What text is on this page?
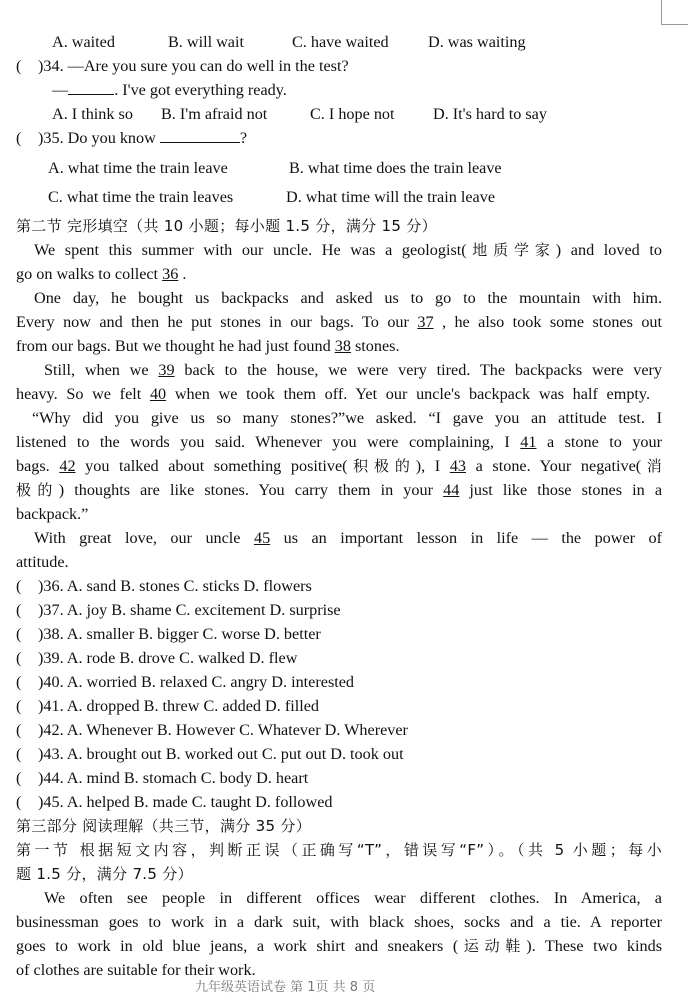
A. waited	B. will wait	C. have waited D. was waiting
( )34. —Are you sure you can do well in the test?
—	. I've got everything ready.
A. I think so B. I'm afraid not	C. I hope not D. It's hard to say
( )35. Do you know	?
A. what time the train leave	B. what time does the train leave
C. what time the train leaves	D. what time will the train leave
第二节 完形填空（共 10 小题；每小题 1.5 分，满分 15 分）
We spent this summer with our uncle. He was a geologist(地质学家) and loved to
go on walks to collect 36 .
One day, he bought us backpacks and asked us to go to the mountain with him.
Every now and then he put stones in our bags. To our 37 , he also took some stones out
from our bags. But we thought he had just found 38 stones.
Still, when we 39 back to the house, we were very tired. The backpacks were very
heavy. So we felt 40 when we took them off. Yet our uncle's backpack was half empty.
“Why did you give us so many stones?”we asked. “I gave you an attitude test. I
listened to the words you said. Whenever you were complaining, I 41 a stone to your
bags. 42 you talked about something positive(积极的), I 43 a stone. Your negative(消
极的) thoughts are like stones. You carry them in your 44 just like those stones in a
backpack.”
With great love, our uncle 45 us an important lesson in life — the power of
attitude.
( )36. A. sand B. stones C. sticks D. flowers
( )37. A. joy B. shame C. excitement D. surprise
( )38. A. smaller B. bigger C. worse D. better
( )39. A. rode B. drove C. walked D. flew
( )40. A. worried B. relaxed C. angry D. interested
( )41. A. dropped B. threw C. added D. filled
( )42. A. Whenever B. However C. Whatever D. Wherever
( )43. A. brought out B. worked out C. put out D. took out
( )44. A. mind B. stomach C. body D. heart
( )45. A. helped B. made C. taught D. followed
第三部分 阅读理解（共三节，满分 35 分）
第一节 根据短文内容，判断正误（正确写“T”，错误写“F”）。（共 5 小题；每小
题 1.5 分，满分 7.5 分）
We often see people in different offices wear different clothes. In America, a
businessman goes to work in a dark suit, with black shoes, socks and a tie. A reporter
goes to work in old blue jeans, a work shirt and sneakers (运动鞋). These two kinds
of clothes are suitable for their work.
九年级英语试卷 第 1页 共 8 页
